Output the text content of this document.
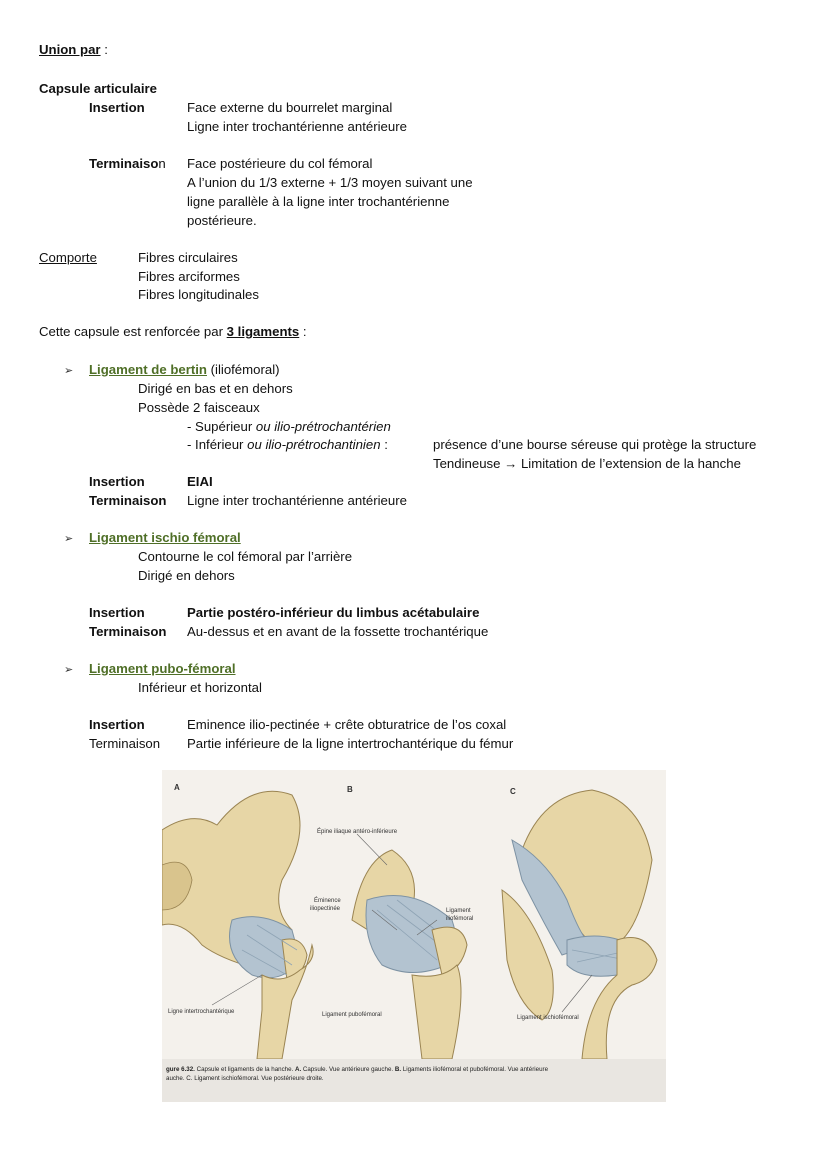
Union par :
Capsule articulaire
Insertion	Face externe du bourrelet marginal
Ligne inter trochantérienne antérieure
Terminaison Face postérieure du col fémoral
A l’union du 1/3 externe + 1/3 moyen suivant une
ligne parallèle à la ligne inter trochantérienne
postérieure.
Comporte	Fibres circulaires
Fibres arciformes
Fibres longitudinales
Cette capsule est renforcée par 3 ligaments :
➢ Ligament de bertin (iliofémoral)
Dirigé en bas et en dehors
Possède 2 faisceaux
- Supérieur ou ilio-prétrochantérien
- Inférieur ou ilio-prétrochantinien :	présence d’une bourse séreuse qui protège la structure
Tendineuse → Limitation de l’extension de la hanche
Insertion	EIAI
Terminaison Ligne inter trochantérienne antérieure
➢ Ligament ischio fémoral
Contourne le col fémoral par l’arrière
Dirigé en dehors
Insertion	Partie postéro-inférieur du limbus acétabulaire
Terminaison Au-dessus et en avant de la fossette trochantérique
➢ Ligament pubo-fémoral
Inférieur et horizontal
Insertion	Eminence ilio-pectinée + crête obturatrice de l’os coxal
Terminaison Partie inférieure de la ligne intertrochantérique du fémur
A
Ligne intertrochantérique
B
Épine iliaque antéro-inférieure
Éminence
iliopectinée	Ligament
iliofémoral
Ligament pubofémoral
C
Ligament ischiofémoral
gure 6.32. Capsule et ligaments de la hanche. A. Capsule. Vue antérieure gauche. B. Ligaments iliofémoral et pubofémoral. Vue antérieure
auche. C. Ligament ischiofémoral. Vue postérieure droite.
